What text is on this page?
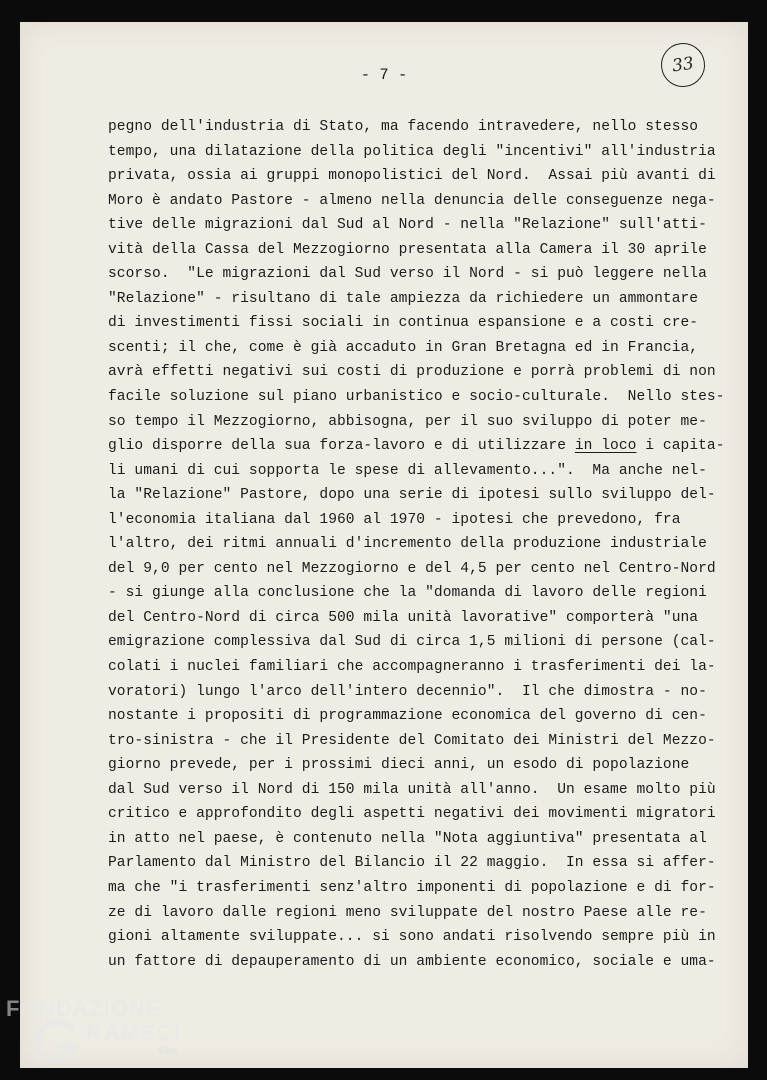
- 7 -	33
pegno dell'industria di Stato, ma facendo intravedere, nello stesso
tempo, una dilatazione della politica degli "incentivi" all'industria
privata, ossia ai gruppi monopolistici del Nord.  Assai più avanti di
Moro è andato Pastore - almeno nella denuncia delle conseguenze nega-
tive delle migrazioni dal Sud al Nord - nella "Relazione" sull'atti-
vità della Cassa del Mezzogiorno presentata alla Camera il 30 aprile
scorso.  "Le migrazioni dal Sud verso il Nord - si può leggere nella
"Relazione" - risultano di tale ampiezza da richiedere un ammontare
di investimenti fissi sociali in continua espansione e a costi cre-
scenti; il che, come è già accaduto in Gran Bretagna ed in Francia,
avrà effetti negativi sui costi di produzione e porrà problemi di non
facile soluzione sul piano urbanistico e socio-culturale.  Nello stes-
so tempo il Mezzogiorno, abbisogna, per il suo sviluppo di poter me-
glio disporre della sua forza-lavoro e di utilizzare in loco i capita-
li umani di cui sopporta le spese di allevamento...".  Ma anche nel-
la "Relazione" Pastore, dopo una serie di ipotesi sullo sviluppo del-
l'economia italiana dal 1960 al 1970 - ipotesi che prevedono, fra
l'altro, dei ritmi annuali d'incremento della produzione industriale
del 9,0 per cento nel Mezzogiorno e del 4,5 per cento nel Centro-Nord
- si giunge alla conclusione che la "domanda di lavoro delle regioni
del Centro-Nord di circa 500 mila unità lavorative" comporterà "una
emigrazione complessiva dal Sud di circa 1,5 milioni di persone (cal-
colati i nuclei familiari che accompagneranno i trasferimenti dei la-
voratori) lungo l'arco dell'intero decennio".  Il che dimostra - no-
nostante i propositi di programmazione economica del governo di cen-
tro-sinistra - che il Presidente del Comitato dei Ministri del Mezzo-
giorno prevede, per i prossimi dieci anni, un esodo di popolazione
dal Sud verso il Nord di 150 mila unità all'anno.  Un esame molto più
critico e approfondito degli aspetti negativi dei movimenti migratori
in atto nel paese, è contenuto nella "Nota aggiuntiva" presentata al
Parlamento dal Ministro del Bilancio il 22 maggio.  In essa si affer-
ma che "i trasferimenti senz'altro imponenti di popolazione e di for-
ze di lavoro dalle regioni meno sviluppate del nostro Paese alle re-
gioni altamente sviluppate... si sono andati risolvendo sempre più in
un fattore di depauperamento di un ambiente economico, sociale e uma-
FONDAZIONE
RAMSCI
onlus
